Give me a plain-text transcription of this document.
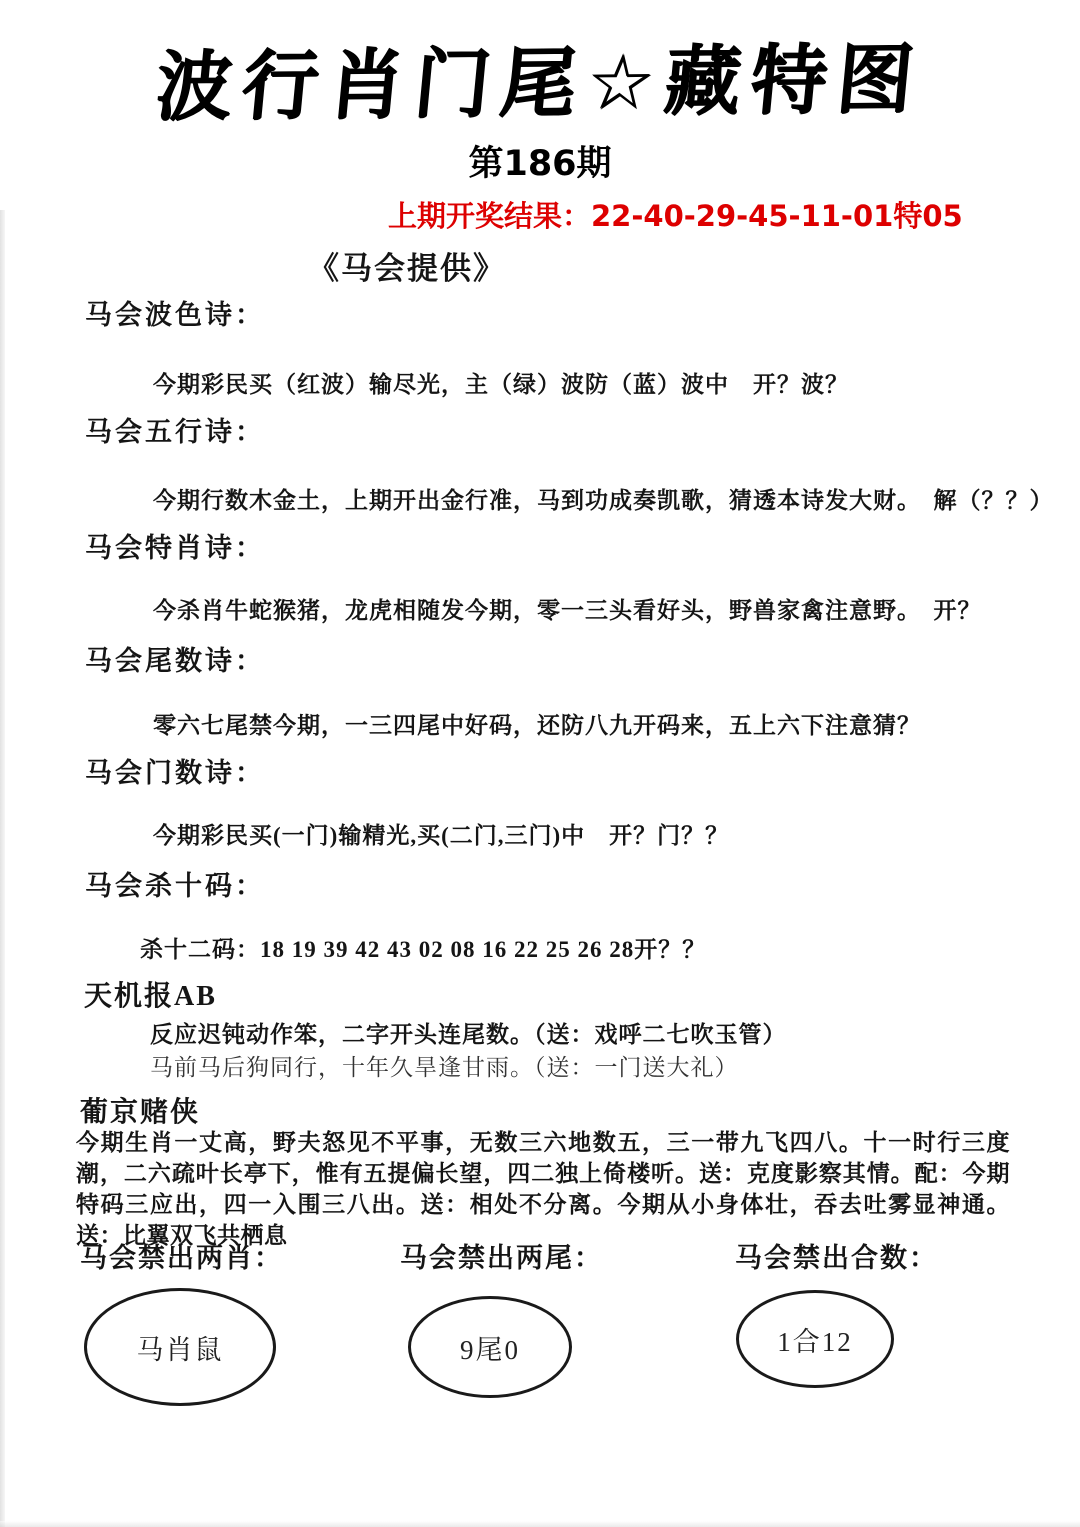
波行肖门尾☆藏特图
第186期
上期开奖结果：22-40-29-45-11-01特05
《马会提供》
马会波色诗：
今期彩民买（红波）输尽光，主（绿）波防（蓝）波中　开？波？
马会五行诗：
今期行数木金土，上期开出金行准，马到功成奏凯歌，猜透本诗发大财。　解（？？）
马会特肖诗：
今杀肖牛蛇猴猪，龙虎相随发今期，零一三头看好头，野兽家禽注意野。　开？
马会尾数诗：
零六七尾禁今期，一三四尾中好码，还防八九开码来，五上六下注意猜？
马会门数诗：
今期彩民买(一门)输精光,买(二门,三门)中　开？门？？
马会杀十码：
杀十二码：18 19 39 42 43 02 08 16 22 25 26 28开？？
天机报AB
反应迟钝动作笨，二字开头连尾数。（送：戏呼二七吹玉管）
马前马后狗同行，十年久旱逢甘雨。（送：一门送大礼）
葡京赌侠
今期生肖一丈高，野夫怒见不平事，无数三六地数五，三一带九飞四八。十一时行三度潮，二六疏叶长亭下，惟有五提偏长望，四二独上倚楼听。送：克度影察其情。配：今期特码三应出，四一入围三八出。送：相处不分离。今期从小身体壮，吞去吐雾显神通。送：比翼双飞共栖息
马会禁出两肖：	马会禁出两尾：	马会禁出合数：
马肖鼠	9尾0	1合12
